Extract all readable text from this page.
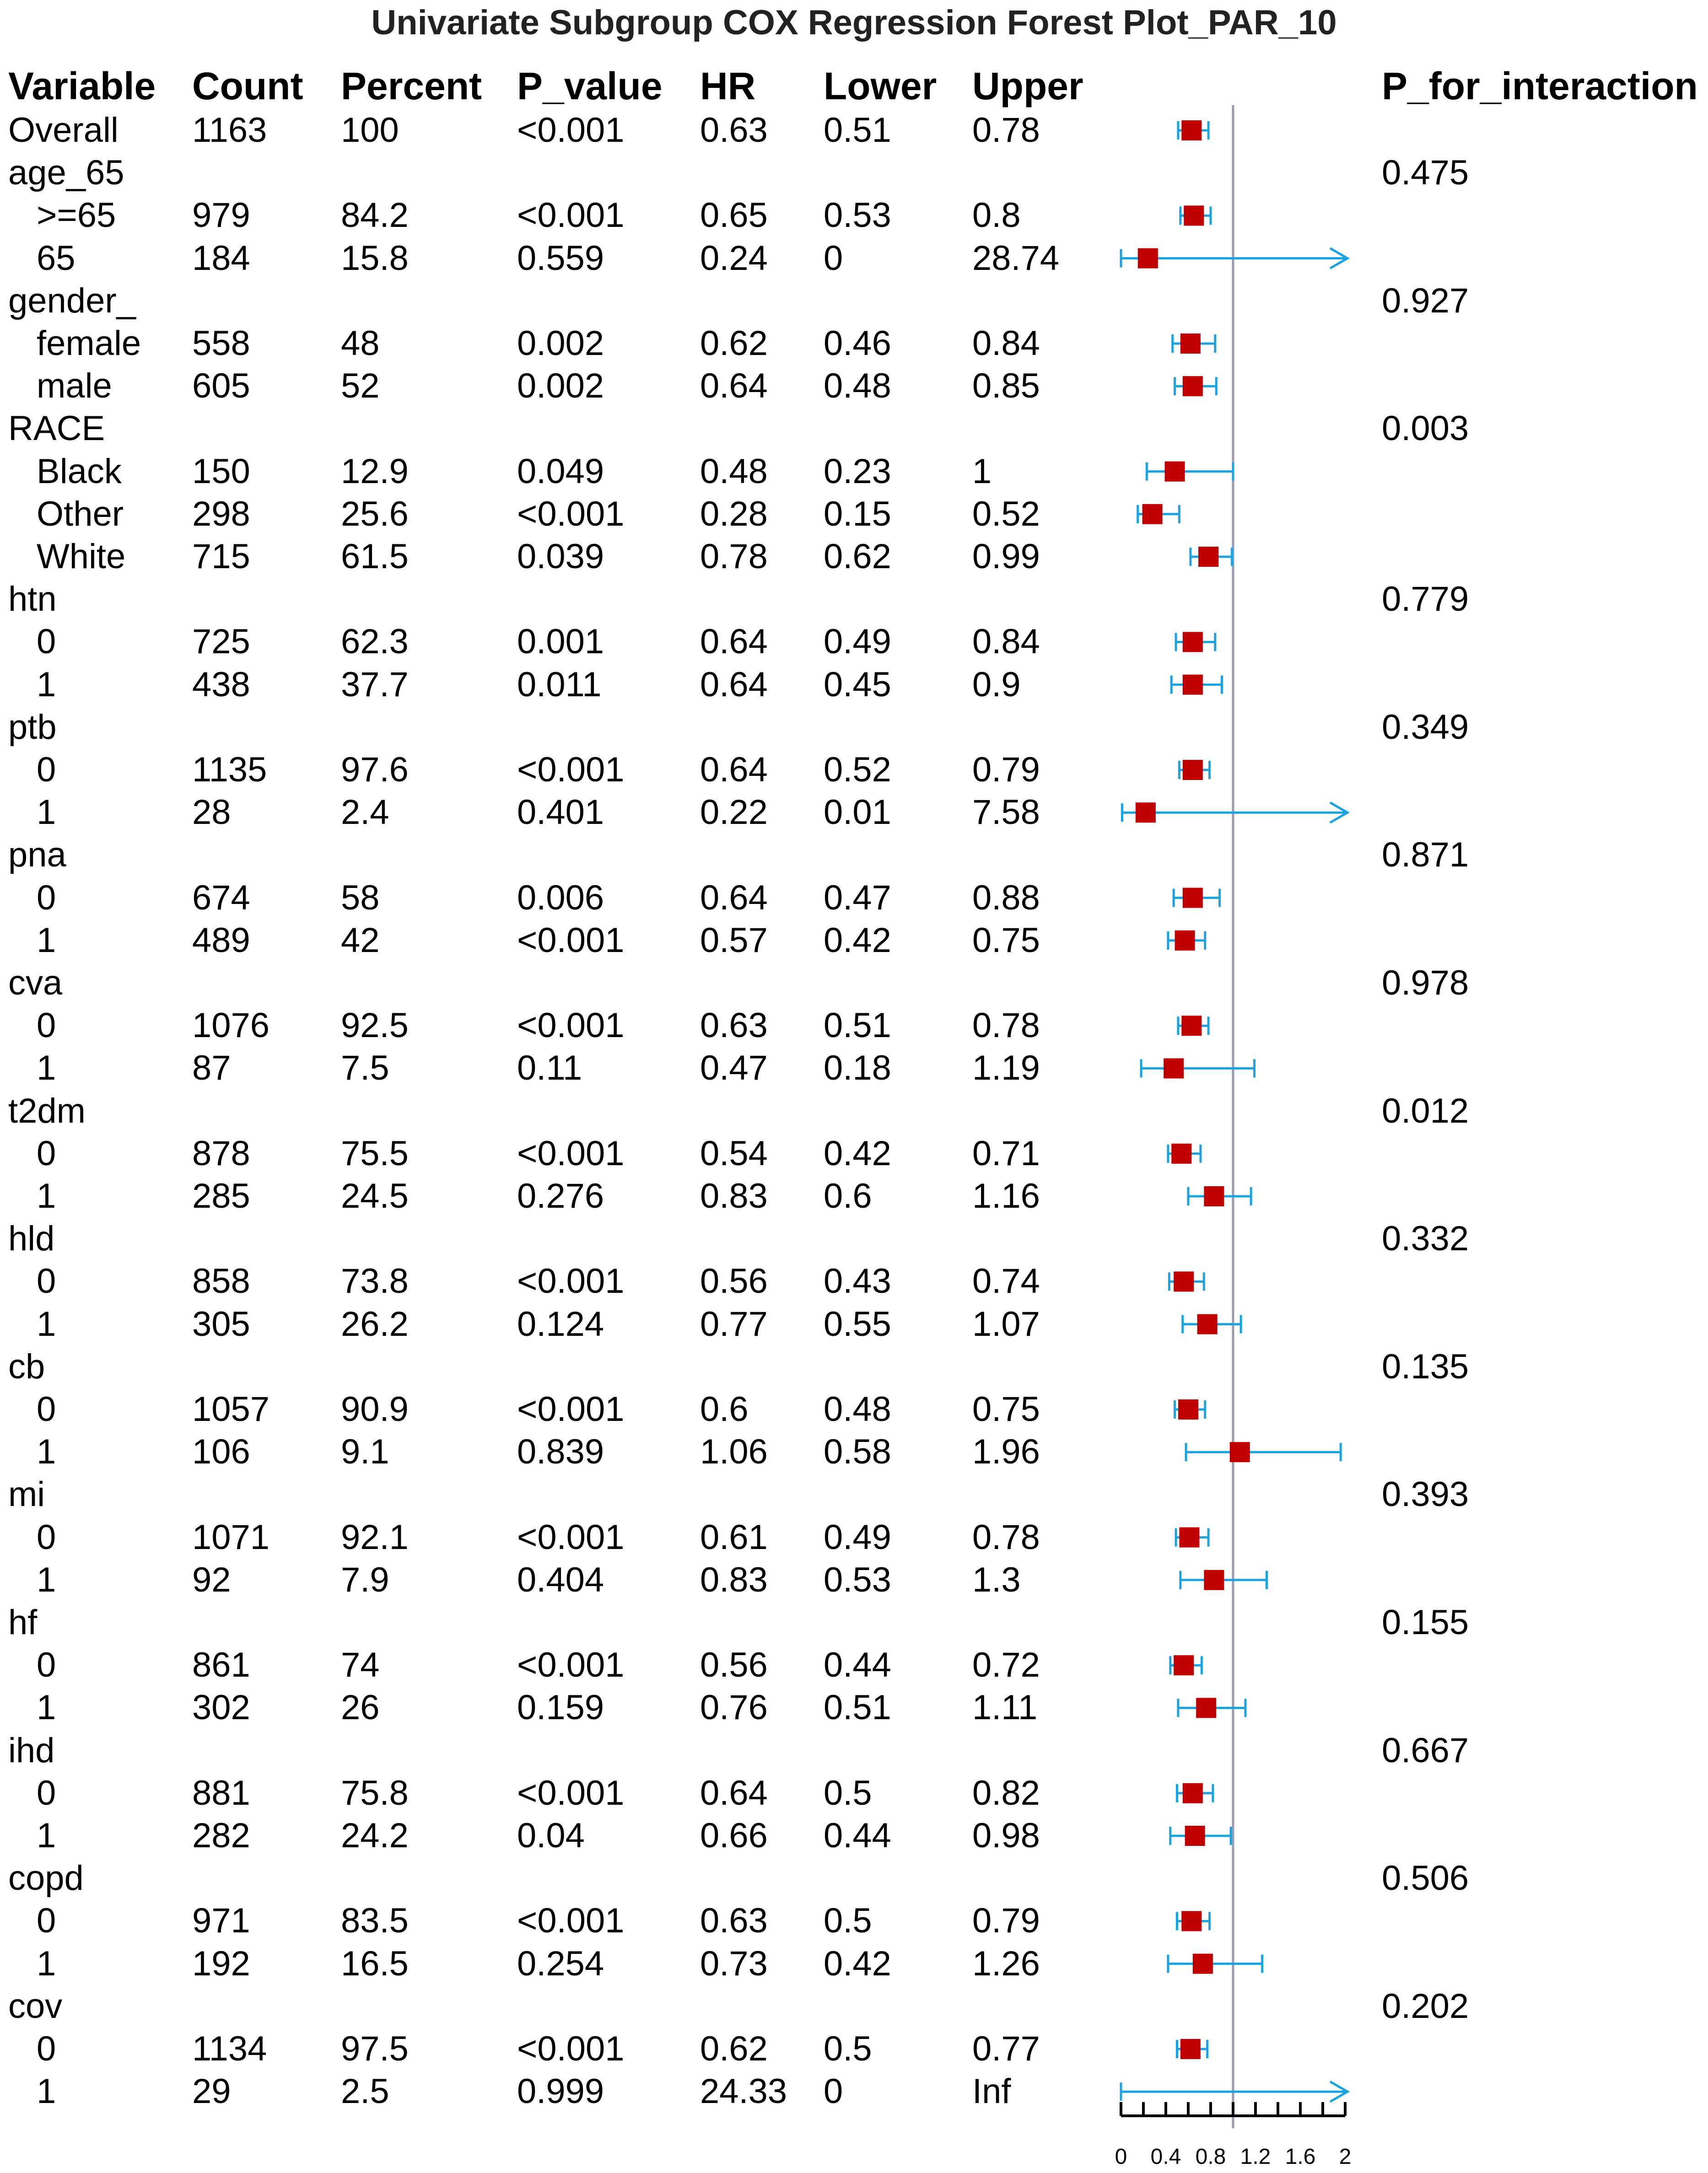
Univariate Subgroup COX Regression Forest Plot_PAR_10
Variable Count Percent P_value HR Lower Upper	P_for_interaction
Overall 1163 100	<0.001 0.63 0.51 0.78
age_65	0.475
>=65 979	84.2	<0.001 0.65 0.53 0.8
65	184	15.8	0.559	0.24 0	28.74
gender_	0.927
female 558	48	0.002	0.62 0.46 0.84
male 605	52	0.002	0.64 0.48 0.85
RACE	0.003
Black 150	12.9	0.049	0.48 0.23 1
Other 298	25.6	<0.001 0.28 0.15 0.52
White 715	61.5	0.039	0.78 0.62 0.99
htn	0.779
0	725	62.3	0.001	0.64 0.49 0.84
1	438	37.7	0.011	0.64 0.45 0.9
ptb	0.349
0	1135 97.6	<0.001 0.64 0.52 0.79
1	28	2.4	0.401	0.22 0.01 7.58
pna	0.871
0	674	58	0.006	0.64 0.47 0.88
1	489	42	<0.001 0.57 0.42 0.75
cva	0.978
0	1076 92.5	<0.001 0.63 0.51 0.78
1	87	7.5	0.11	0.47 0.18 1.19
t2dm	0.012
0	878	75.5	<0.001 0.54 0.42 0.71
1	285	24.5	0.276	0.83 0.6	1.16
hld	0.332
0	858	73.8	<0.001 0.56 0.43 0.74
1	305	26.2	0.124	0.77 0.55 1.07
cb	0.135
0	1057 90.9	<0.001 0.6 0.48 0.75
1	106	9.1	0.839	1.06 0.58 1.96
mi	0.393
0	1071 92.1	<0.001 0.61 0.49 0.78
1	92	7.9	0.404	0.83 0.53 1.3
hf	0.155
0	861	74	<0.001 0.56 0.44 0.72
1	302	26	0.159	0.76 0.51 1.11
ihd	0.667
0	881	75.8	<0.001 0.64 0.5	0.82
1	282	24.2	0.04	0.66 0.44 0.98
copd	0.506
0	971	83.5	<0.001 0.63 0.5	0.79
1	192	16.5	0.254	0.73 0.42 1.26
cov	0.202
0	1134 97.5	<0.001 0.62 0.5	0.77
1	29	2.5	0.999	24.33 0	Inf
0 0.4 0.8 1.2 1.6 2
